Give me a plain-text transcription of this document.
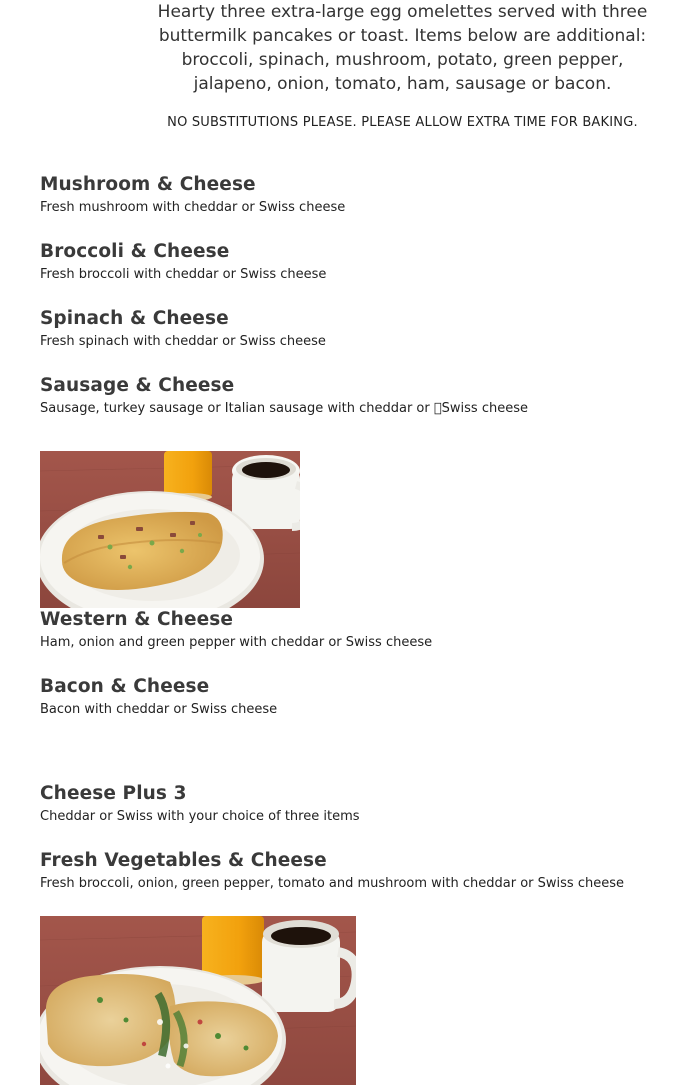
Hearty three extra-large egg omelettes served with three buttermilk pancakes or toast. Items below are additional: broccoli, spinach, mushroom, potato, green pepper, jalapeno, onion, tomato, ham, sausage or bacon.

NO SUBSTITUTIONS PLEASE. PLEASE ALLOW EXTRA TIME FOR BAKING.

Mushroom & Cheese

Fresh mushroom with cheddar or Swiss cheese

Broccoli & Cheese

Fresh broccoli with cheddar or Swiss cheese

Spinach & Cheese

Fresh spinach with cheddar or Swiss cheese

Sausage & Cheese

Sausage, turkey sausage or Italian sausage with cheddar or  Swiss cheese

Western & Cheese

Ham, onion and green pepper with cheddar or Swiss cheese

Bacon & Cheese

Bacon with cheddar or Swiss cheese

Cheese Plus 3

Cheddar or Swiss with your choice of three items

Fresh Vegetables & Cheese

Fresh broccoli, onion, green pepper, tomato and mushroom with cheddar or Swiss cheese
